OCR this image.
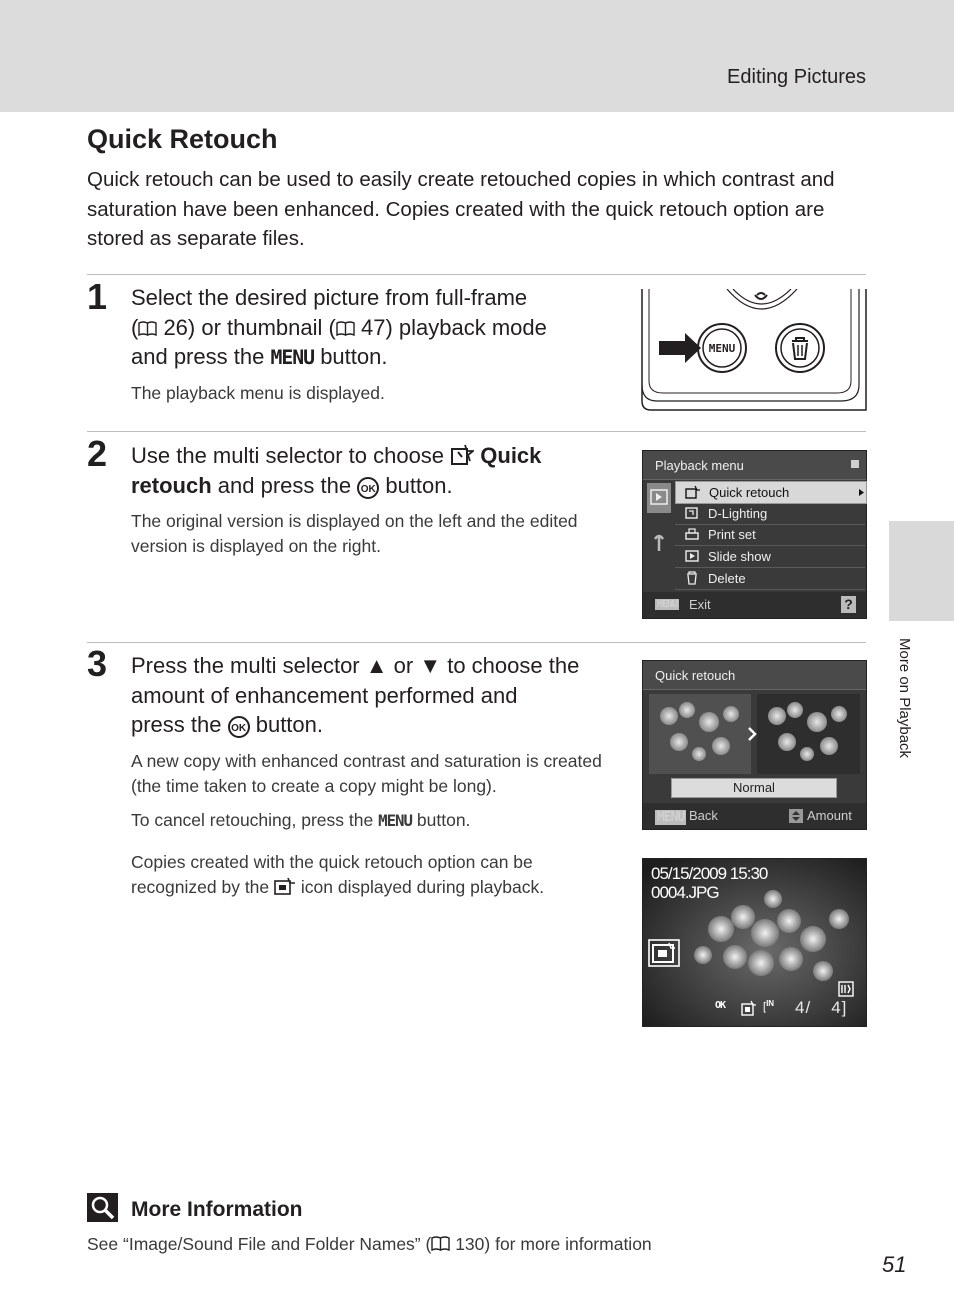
Editing Pictures
More on Playback
Quick Retouch
Quick retouch can be used to easily create retouched copies in which contrast and saturation have been enhanced. Copies created with the quick retouch option are stored as separate files.
1 Select the desired picture from full-frame
( 26) or thumbnail ( 47) playback mode
and press the MENU button.
The playback menu is displayed.
MENU
2 Use the multi selector to choose  Quick
retouch and press the OK button.
The original version is displayed on the left and the edited version is displayed on the right.
Playback menu
Quick retouch
D-Lighting
Print set
Slide show
Delete
MENU Exit	?
3 Press the multi selector ▲ or ▼ to choose the
amount of enhancement performed and
press the OK button.
A new copy with enhanced contrast and saturation is created (the time taken to create a copy might be long).
To cancel retouching, press the MENU button.
Copies created with the quick retouch option can be recognized by the  icon displayed during playback.
Quick retouch
Normal
MENU Back	Amount
05/15/2009 15:30
0004.JPG
OK	[$^{IN}$ 4/ 4]
More Information
See “Image/Sound File and Folder Names” ( 130) for more information
51
